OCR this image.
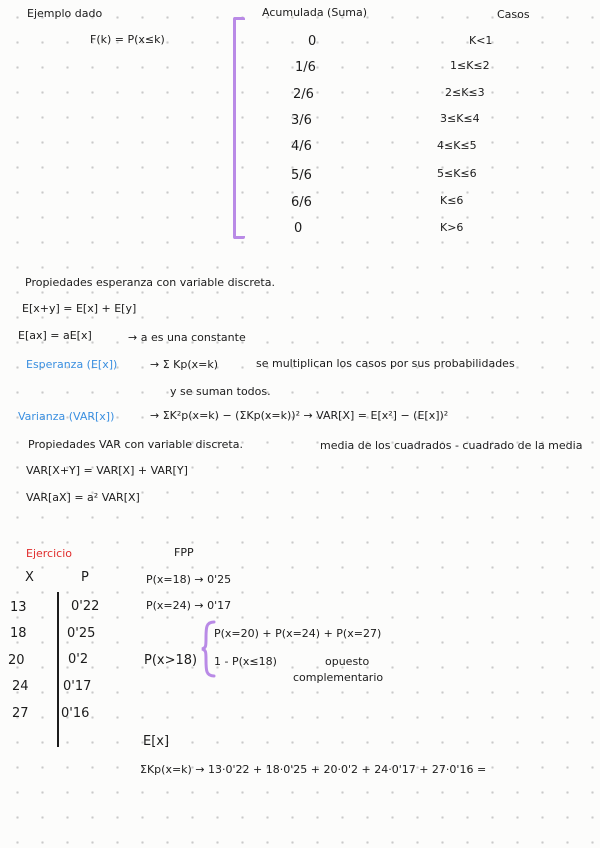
Ejemplo dado
F(k) = P(x≤k)
Acumulada (Suma)	Casos
0	K<1
1/6	1≤K≤2
2/6	2≤K≤3
3/6	3≤K≤4
4/6	4≤K≤5
5/6	5≤K≤6
6/6	K≤6
0	K>6
Propiedades esperanza con variable discreta.
E[x+y] = E[x] + E[y]
E[ax] = aE[x]	→ a es una constante
Esperanza (E[x])	→ Σ Kp(x=k)	se multiplican los casos por sus probabilidades
y se suman todos.
Varianza (VAR[x])	→ ΣK²p(x=k) − (ΣKp(x=k))² → VAR[X] = E[x²] − (E[x])²
Propiedades VAR con variable discreta.	media de los cuadrados - cuadrado de la media
VAR[X+Y] = VAR[X] + VAR[Y]
VAR[aX] = a² VAR[X]
Ejercicio	FPP
X	P
13	0'22
18	0'25
20	0'2
24	0'17
27 0'16
P(x=18) → 0'25
P(x=24) → 0'17
P(x>18)
P(x=20) + P(x=24) + P(x=27)
1 - P(x≤18)	opuesto
complementario
E[x]
ΣKp(x=k) → 13·0'22 + 18·0'25 + 20·0'2 + 24·0'17 + 27·0'16 =
